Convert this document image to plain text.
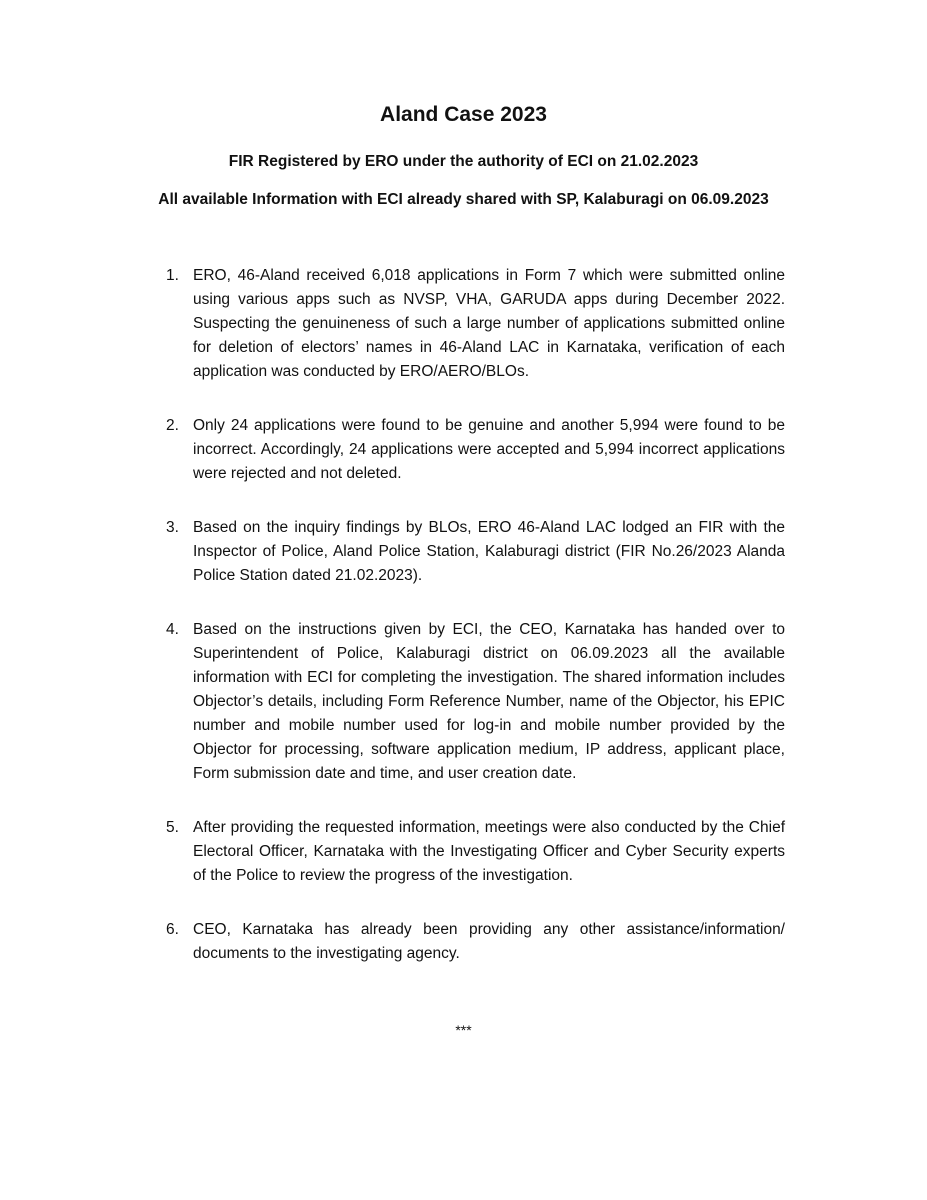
Aland Case 2023
FIR Registered by ERO under the authority of ECI on 21.02.2023
All available Information with ECI already shared with SP, Kalaburagi on 06.09.2023
1. ERO, 46-Aland received 6,018 applications in Form 7 which were submitted online using various apps such as NVSP, VHA, GARUDA apps during December 2022. Suspecting the genuineness of such a large number of applications submitted online for deletion of electors’ names in 46-Aland LAC in Karnataka, verification of each application was conducted by ERO/AERO/BLOs.
2. Only 24 applications were found to be genuine and another 5,994 were found to be incorrect. Accordingly, 24 applications were accepted and 5,994 incorrect applications were rejected and not deleted.
3. Based on the inquiry findings by BLOs, ERO 46-Aland LAC lodged an FIR with the Inspector of Police, Aland Police Station, Kalaburagi district (FIR No.26/2023 Alanda Police Station dated 21.02.2023).
4. Based on the instructions given by ECI, the CEO, Karnataka has handed over to Superintendent of Police, Kalaburagi district on 06.09.2023 all the available information with ECI for completing the investigation. The shared information includes Objector’s details, including Form Reference Number, name of the Objector, his EPIC number and mobile number used for log-in and mobile number provided by the Objector for processing, software application medium, IP address, applicant place, Form submission date and time, and user creation date.
5. After providing the requested information, meetings were also conducted by the Chief Electoral Officer, Karnataka with the Investigating Officer and Cyber Security experts of the Police to review the progress of the investigation.
6. CEO, Karnataka has already been providing any other assistance/information/ documents to the investigating agency.
***
